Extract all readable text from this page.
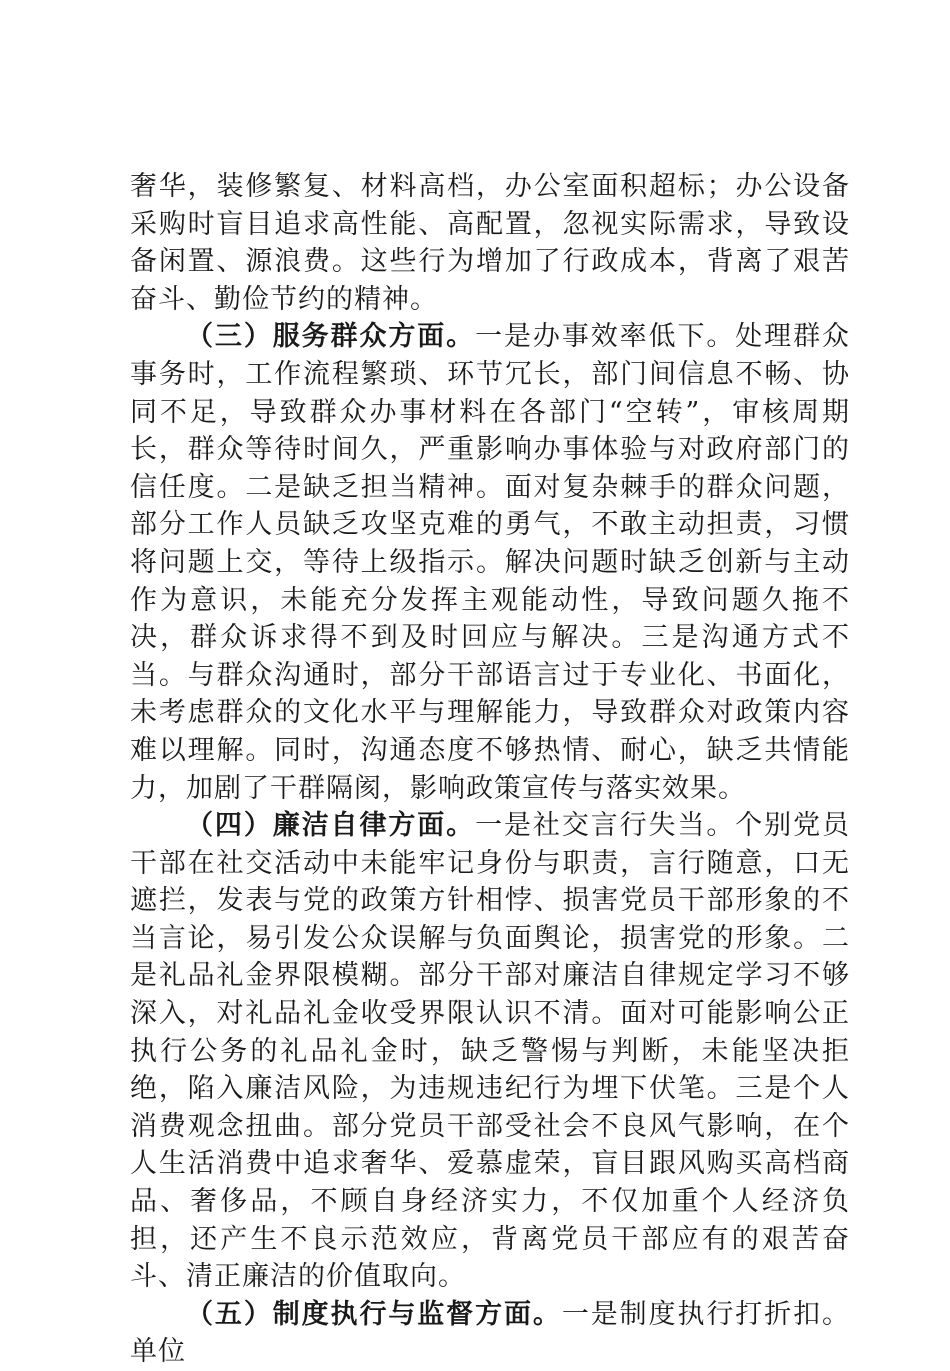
奢华，装修繁复、材料高档，办公室面积超标；办公设备采购时盲目追求高性能、高配置，忽视实际需求，导致设备闲置、源浪费。这些行为增加了行政成本，背离了艰苦奋斗、勤俭节约的精神。

（三）服务群众方面。一是办事效率低下。处理群众事务时，工作流程繁琐、环节冗长，部门间信息不畅、协同不足，导致群众办事材料在各部门“空转”，审核周期长，群众等待时间久，严重影响办事体验与对政府部门的信任度。二是缺乏担当精神。面对复杂棘手的群众问题，部分工作人员缺乏攻坚克难的勇气，不敢主动担责，习惯将问题上交，等待上级指示。解决问题时缺乏创新与主动作为意识，未能充分发挥主观能动性，导致问题久拖不决，群众诉求得不到及时回应与解决。三是沟通方式不当。与群众沟通时，部分干部语言过于专业化、书面化，未考虑群众的文化水平与理解能力，导致群众对政策内容难以理解。同时，沟通态度不够热情、耐心，缺乏共情能力，加剧了干群隔阂，影响政策宣传与落实效果。

（四）廉洁自律方面。一是社交言行失当。个别党员干部在社交活动中未能牢记身份与职责，言行随意，口无遮拦，发表与党的政策方针相悖、损害党员干部形象的不当言论，易引发公众误解与负面舆论，损害党的形象。二是礼品礼金界限模糊。部分干部对廉洁自律规定学习不够深入，对礼品礼金收受界限认识不清。面对可能影响公正执行公务的礼品礼金时，缺乏警惕与判断，未能坚决拒绝，陷入廉洁风险，为违规违纪行为埋下伏笔。三是个人消费观念扭曲。部分党员干部受社会不良风气影响，在个人生活消费中追求奢华、爱慕虚荣，盲目跟风购买高档商品、奢侈品，不顾自身经济实力，不仅加重个人经济负担，还产生不良示范效应，背离党员干部应有的艰苦奋斗、清正廉洁的价值取向。

（五）制度执行与监督方面。一是制度执行打折扣。单位
